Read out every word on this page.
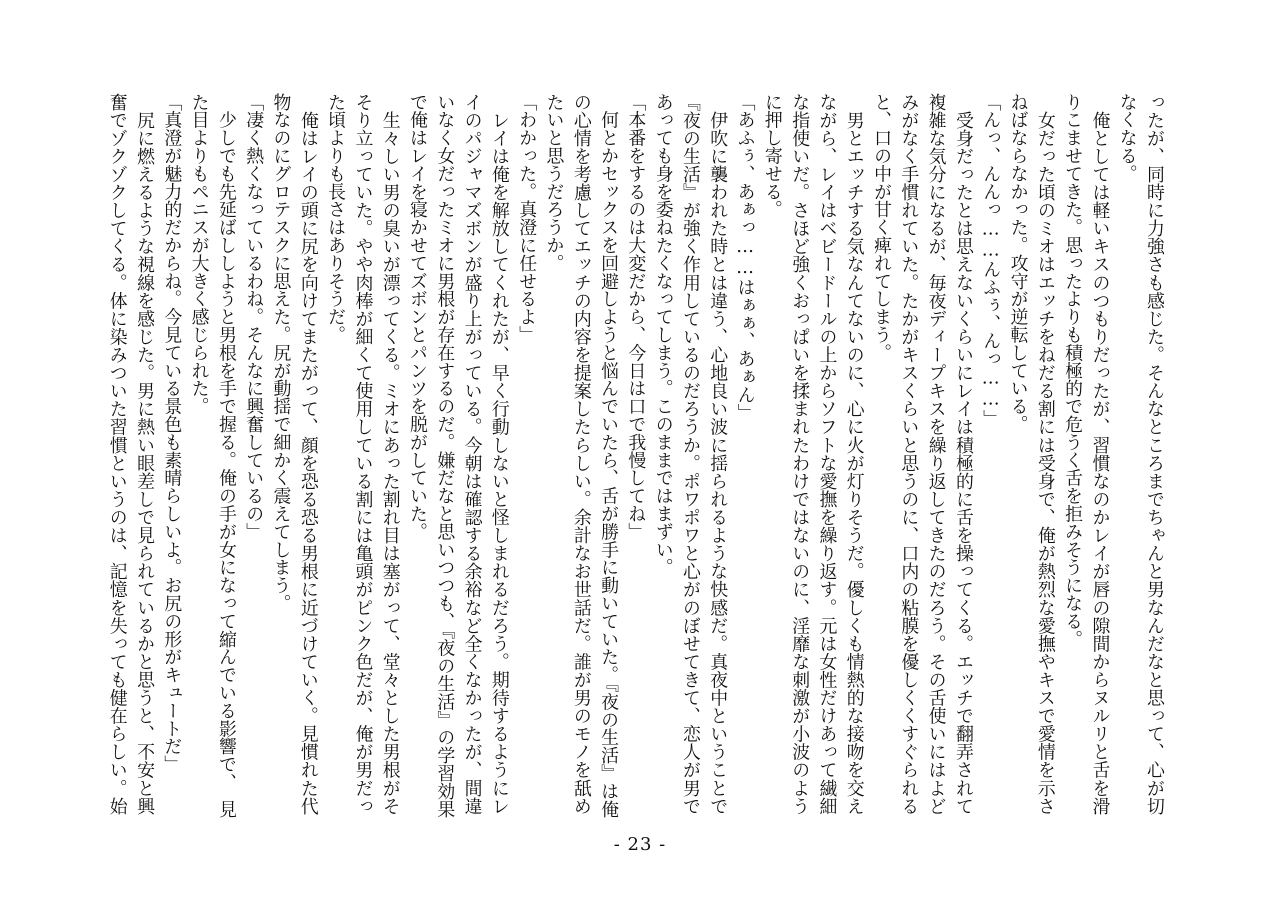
ったが、同時に力強さも感じた。そんなところまでちゃんと男なんだなと思って、心が切
なくなる。
　俺としては軽いキスのつもりだったが、習慣なのかレイが唇の隙間からヌルリと舌を滑
りこませてきた。思ったよりも積極的で危うく舌を拒みそうになる。
　女だった頃のミオはエッチをねだる割には受身で、俺が熱烈な愛撫やキスで愛情を示さ
ねばならなかった。攻守が逆転している。
「んっ、んんっ……んふぅ、んっ……」
　受身だったとは思えないくらいにレイは積極的に舌を操ってくる。エッチで翻弄されて
複雑な気分になるが、毎夜ディープキスを繰り返してきたのだろう。その舌使いにはよど
みがなく手慣れていた。たかがキスくらいと思うのに、口内の粘膜を優しくくすぐられる
と、口の中が甘く痺れてしまう。
　男とエッチする気なんてないのに、心に火が灯りそうだ。優しくも情熱的な接吻を交え
ながら、レイはベビードールの上からソフトな愛撫を繰り返す。元は女性だけあって繊細
な指使いだ。さほど強くおっぱいを揉まれたわけではないのに、淫靡な刺激が小波のよう
に押し寄せる。
「あふぅ、あぁっ……はぁぁ、あぁん」
　伊吹に襲われた時とは違う、心地良い波に揺られるような快感だ。真夜中ということで
『夜の生活』が強く作用しているのだろうか。ポワポワと心がのぼせてきて、恋人が男で
あっても身を委ねたくなってしまう。このままではまずい。
「本番をするのは大変だから、今日は口で我慢してね」
　何とかセックスを回避しようと悩んでいたら、舌が勝手に動いていた。『夜の生活』は俺
の心情を考慮してエッチの内容を提案したらしい。余計なお世話だ。誰が男のモノを舐め
たいと思うだろうか。
「わかった。真澄に任せるよ」
　レイは俺を解放してくれたが、早く行動しないと怪しまれるだろう。期待するようにレ
イのパジャマズボンが盛り上がっている。今朝は確認する余裕など全くなかったが、間違
いなく女だったミオに男根が存在するのだ。嫌だなと思いつつも、『夜の生活』の学習効果
で俺はレイを寝かせてズボンとパンツを脱がしていた。
　生々しい男の臭いが漂ってくる。ミオにあった割れ目は塞がって、堂々とした男根がそ
そり立っていた。やや肉棒が細くて使用している割には亀頭がピンク色だが、俺が男だっ
た頃よりも長さはありそうだ。
　俺はレイの頭に尻を向けてまたがって、顔を恐る恐る男根に近づけていく。見慣れた代
物なのにグロテスクに思えた。尻が動揺で細かく震えてしまう。
「凄く熱くなっているわね。そんなに興奮しているの」
　少しでも先延ばししようと男根を手で握る。俺の手が女になって縮んでいる影響で、　見
た目よりもペニスが大きく感じられた。
「真澄が魅力的だからね。今見ている景色も素晴らしいよ。お尻の形がキュートだ」
　尻に燃えるような視線を感じた。男に熱い眼差しで見られているかと思うと、不安と興
奮でゾクゾクしてくる。体に染みついた習慣というのは、記憶を失っても健在らしい。始
- 23 -
